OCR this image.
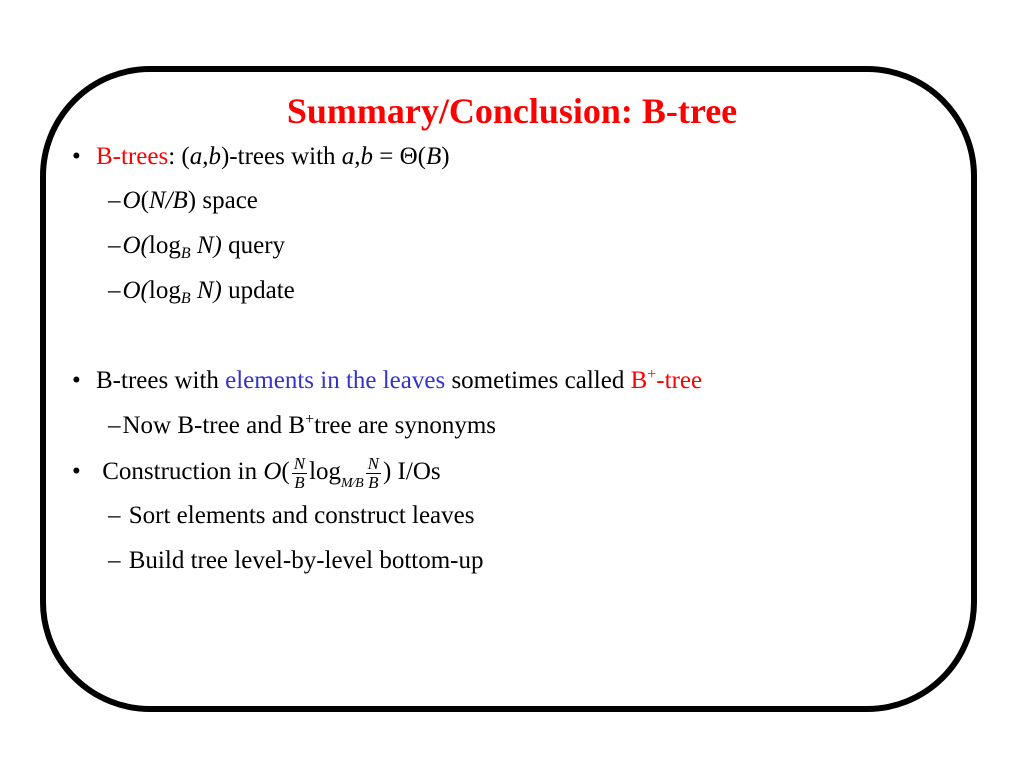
Summary/Conclusion: B-tree
• B-trees: (a,b)-trees with a,b = Θ(B)
–O(N/B) space
$-O(\log_B$ N) query
$-O(\log_B$ N) update
• B-trees with elements in the leaves sometimes called B+-tree
–Now B-tree and B+tree are synonyms
• Construction in $O( \frac{N}{B} \log_{M⁄B} \frac{N}{B}$ ) I/Os
– Sort elements and construct leaves
– Build tree level-by-level bottom-up
